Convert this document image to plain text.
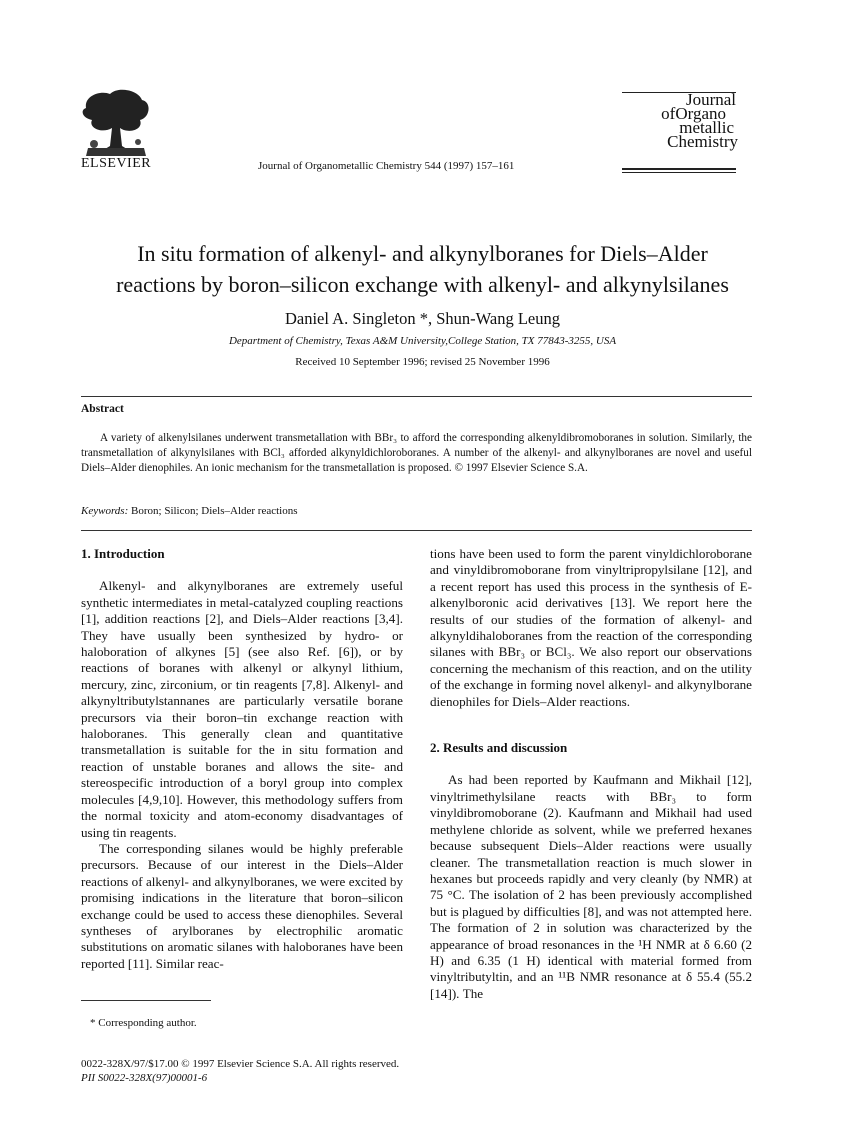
ELSEVIER	Journal of Organometallic Chemistry 544 (1997) 157–161
Journal
ofOrgano
metallic
Chemistry
In situ formation of alkenyl- and alkynylboranes for Diels–Alder
reactions by boron–silicon exchange with alkenyl- and alkynylsilanes
Daniel A. Singleton *, Shun-Wang Leung
Department of Chemistry, Texas A&M University,College Station, TX 77843-3255, USA
Received 10 September 1996; revised 25 November 1996
Abstract
A variety of alkenylsilanes underwent transmetallation with BBr₃ to afford the corresponding alkenyldibromoboranes in solution. Similarly, the transmetallation of alkynylsilanes with BCl₃ afforded alkynyldichloroboranes. A number of the alkenyl- and alkynylboranes are novel and useful Diels–Alder dienophiles. An ionic mechanism for the transmetallation is proposed. © 1997 Elsevier Science S.A.
Keywords: Boron; Silicon; Diels–Alder reactions
1. Introduction

Alkenyl- and alkynylboranes are extremely useful synthetic intermediates in metal-catalyzed coupling reactions [1], addition reactions [2], and Diels–Alder reactions [3,4]. They have usually been synthesized by hydro- or haloboration of alkynes [5] (see also Ref. [6]), or by reactions of boranes with alkenyl or alkynyl lithium, mercury, zinc, zirconium, or tin reagents [7,8]. Alkenyl- and alkynyltributylstannanes are particularly versatile borane precursors via their boron–tin exchange reaction with haloboranes. This generally clean and quantitative transmetallation is suitable for the in situ formation and reaction of unstable boranes and allows the site- and stereospecific introduction of a boryl group into complex molecules [4,9,10]. However, this methodology suffers from the normal toxicity and atom-economy disadvantages of using tin reagents.

The corresponding silanes would be highly preferable precursors. Because of our interest in the Diels–Alder reactions of alkenyl- and alkynylboranes, we were excited by promising indications in the literature that boron–silicon exchange could be used to access these dienophiles. Several syntheses of arylboranes by electrophilic aromatic substitutions on aromatic silanes with haloboranes have been reported [11]. Similar reac-

tions have been used to form the parent vinyldichloroborane and vinyldibromoborane from vinyltripropylsilane [12], and a recent report has used this process in the synthesis of E-alkenylboronic acid derivatives [13]. We report here the results of our studies of the formation of alkenyl- and alkynyldihaloboranes from the reaction of the corresponding silanes with BBr₃ or BCl₃. We also report our observations concerning the mechanism of this reaction, and on the utility of the exchange in forming novel alkenyl- and alkynylborane dienophiles for Diels–Alder reactions.

2. Results and discussion

As had been reported by Kaufmann and Mikhail [12], vinyltrimethylsilane reacts with BBr₃ to form vinyldibromoborane (2). Kaufmann and Mikhail had used methylene chloride as solvent, while we preferred hexanes because subsequent Diels–Alder reactions were usually cleaner. The transmetallation reaction is much slower in hexanes but proceeds rapidly and very cleanly (by NMR) at 75 °C. The isolation of 2 has been previously accomplished but is plagued by difficulties [8], and was not attempted here. The formation of 2 in solution was characterized by the appearance of broad resonances in the ¹H NMR at δ 6.60 (2 H) and 6.35 (1 H) identical with material formed from vinyltributyltin, and an ¹¹B NMR resonance at δ 55.4 (55.2 [14]). The

* Corresponding author.
0022-328X/97/$17.00 © 1997 Elsevier Science S.A. All rights reserved.
PII S0022-328X(97)00001-6
